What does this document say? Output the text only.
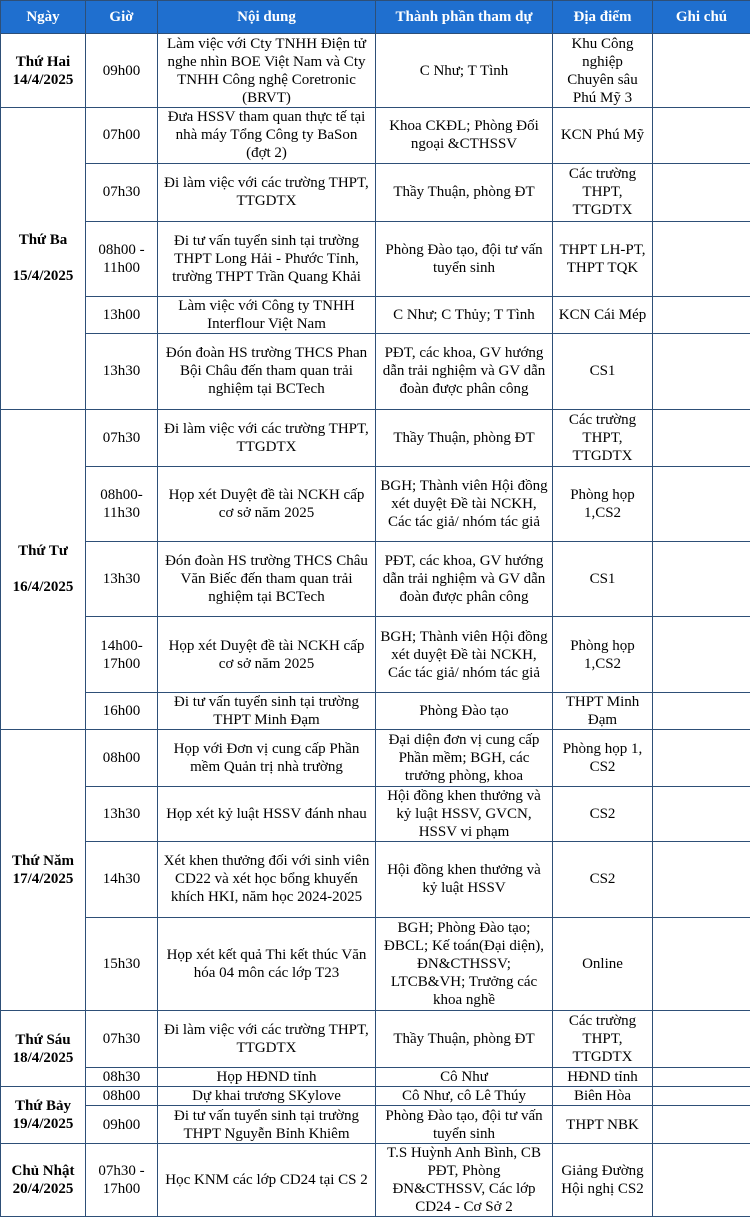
Ngày	Giờ	Nội dung	Thành phần tham dự	Địa điểm	Ghi chú

Thứ Hai
14/4/2025	09h00	Làm việc với Cty TNHH Điện tử nghe nhìn BOE Việt Nam và Cty TNHH Công nghệ Coretronic (BRVT)	C Như; T Tình	Khu Công nghiệp Chuyên sâu Phú Mỹ 3	

Thứ Ba
15/4/2025	07h00	Đưa HSSV tham quan thực tế tại nhà máy Tổng Công ty BaSon (đợt 2)	Khoa CKĐL; Phòng Đối ngoại &CTHSSV	KCN Phú Mỹ	
	07h30	Đi làm việc với các trường THPT, TTGDTX	Thầy Thuận, phòng ĐT	Các trường THPT, TTGDTX	
	08h00 - 11h00	Đi tư vấn tuyển sinh tại trường THPT Long Hải - Phước Tỉnh, trường THPT Trần Quang Khải	Phòng Đào tạo, đội tư vấn tuyển sinh	THPT LH-PT, THPT TQK	
	13h00	Làm việc với Công ty TNHH Interflour Việt Nam	C Như; C Thủy; T Tình	KCN Cái Mép	
	13h30	Đón đoàn HS trường THCS Phan Bội Châu đến tham quan trải nghiệm tại BCTech	PĐT, các khoa, GV hướng dẫn trải nghiệm và GV dẫn đoàn được phân công	CS1	

Thứ Tư
16/4/2025	07h30	Đi làm việc với các trường THPT, TTGDTX	Thầy Thuận, phòng ĐT	Các trường THPT, TTGDTX	
	08h00- 11h30	Họp xét Duyệt đề tài NCKH cấp cơ sở năm 2025	BGH; Thành viên Hội đồng xét duyệt Đề tài NCKH, Các tác giả/ nhóm tác giả	Phòng họp 1,CS2	
	13h30	Đón đoàn HS trường THCS Châu Văn Biếc đến tham quan trải nghiệm tại BCTech	PĐT, các khoa, GV hướng dẫn trải nghiệm và GV dẫn đoàn được phân công	CS1	
	14h00- 17h00	Họp xét Duyệt đề tài NCKH cấp cơ sở năm 2025	BGH; Thành viên Hội đồng xét duyệt Đề tài NCKH, Các tác giả/ nhóm tác giả	Phòng họp 1,CS2	
	16h00	Đi tư vấn tuyển sinh tại trường THPT Minh Đạm	Phòng Đào tạo	THPT Minh Đạm	

Thứ Năm
17/4/2025	08h00	Họp với Đơn vị cung cấp Phần mềm Quản trị nhà trường	Đại diện đơn vị cung cấp Phần mềm; BGH, các trưởng phòng, khoa	Phòng họp 1, CS2	
	13h30	Họp xét kỷ luật HSSV đánh nhau	Hội đồng khen thưởng và kỷ luật HSSV, GVCN, HSSV vi phạm	CS2	
	14h30	Xét khen thưởng đối với sinh viên CD22 và xét học bổng khuyến khích HKI, năm học 2024-2025	Hội đồng khen thưởng và kỷ luật HSSV	CS2	
	15h30	Họp xét kết quả Thi kết thúc Văn hóa 04 môn các lớp T23	BGH; Phòng Đào tạo; ĐBCL; Kế toán(Đại diện), ĐN&CTHSSV; LTCB&VH; Trưởng các khoa nghề	Online	

Thứ Sáu
18/4/2025	07h30	Đi làm việc với các trường THPT, TTGDTX	Thầy Thuận, phòng ĐT	Các trường THPT, TTGDTX	
	08h30	Họp HĐND tỉnh	Cô Như	HĐND tỉnh	

Thứ Bảy
19/4/2025	08h00	Dự khai trương SKylove	Cô Như, cô Lê Thúy	Biên Hòa	
	09h00	Đi tư vấn tuyển sinh tại trường THPT Nguyễn Bỉnh Khiêm	Phòng Đào tạo, đội tư vấn tuyển sinh	THPT NBK	

Chủ Nhật
20/4/2025	07h30 - 17h00	Học KNM các lớp CD24 tại CS 2	T.S Huỳnh Anh Bình, CB PĐT, Phòng ĐN&CTHSSV, Các lớp CD24 - Cơ Sở 2	Giảng Đường Hội nghị CS2	
